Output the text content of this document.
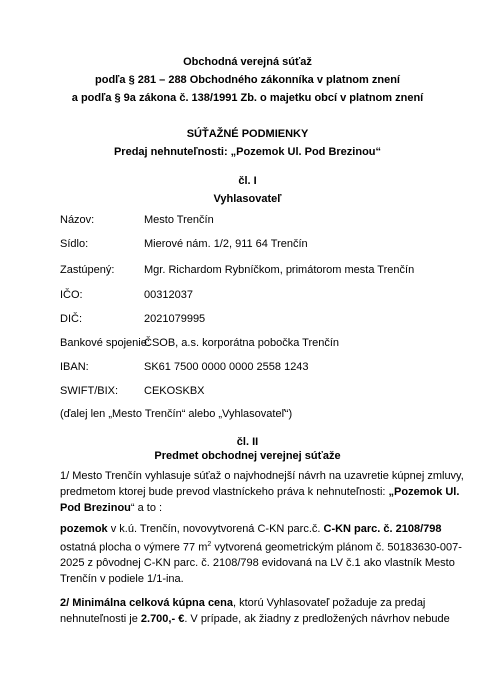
Obchodná verejná súťaž
podľa § 281 – 288 Obchodného zákonníka v platnom znení
a podľa § 9a zákona č. 138/1991 Zb. o majetku obcí v platnom znení
SÚŤAŽNÉ PODMIENKY
Predaj nehnuteľnosti: „Pozemok Ul. Pod Brezinou“
čl. I
Vyhlasovateľ
Názov:	Mesto Trenčín
Sídlo:	Mierové nám. 1/2, 911 64 Trenčín
Zastúpený:	Mgr. Richardom Rybníčkom, primátorom mesta Trenčín
IČO:	00312037
DIČ:	2021079995
Bankové spojenie:
ČSOB, a.s. korporátna pobočka Trenčín
IBAN:	SK61 7500 0000 0000 2558 1243
SWIFT/BIX: CEKOSKBX
(ďalej len „Mesto Trenčín“ alebo „Vyhlasovateľ“)
čl. II
Predmet obchodnej verejnej súťaže
1/ Mesto Trenčín vyhlasuje súťaž o najvhodnejší návrh na uzavretie kúpnej zmluvy,
predmetom ktorej bude prevod vlastníckeho práva k nehnuteľnosti: „Pozemok Ul.
Pod Brezinou“ a to :
pozemok v k.ú. Trenčín, novovytvorená C-KN parc.č. C-KN parc. č. 2108/798
ostatná plocha o výmere 77 $m^2$ vytvorená geometrickým plánom č. 50183630-007-
2025 z pôvodnej C-KN parc. č. 2108/798 evidovaná na LV č.1 ako vlastník Mesto
Trenčín v podiele 1/1-ina.
2/ Minimálna celková kúpna cena, ktorú Vyhlasovateľ požaduje za predaj
nehnuteľnosti je 2.700,- €. V prípade, ak žiadny z predložených návrhov nebude
